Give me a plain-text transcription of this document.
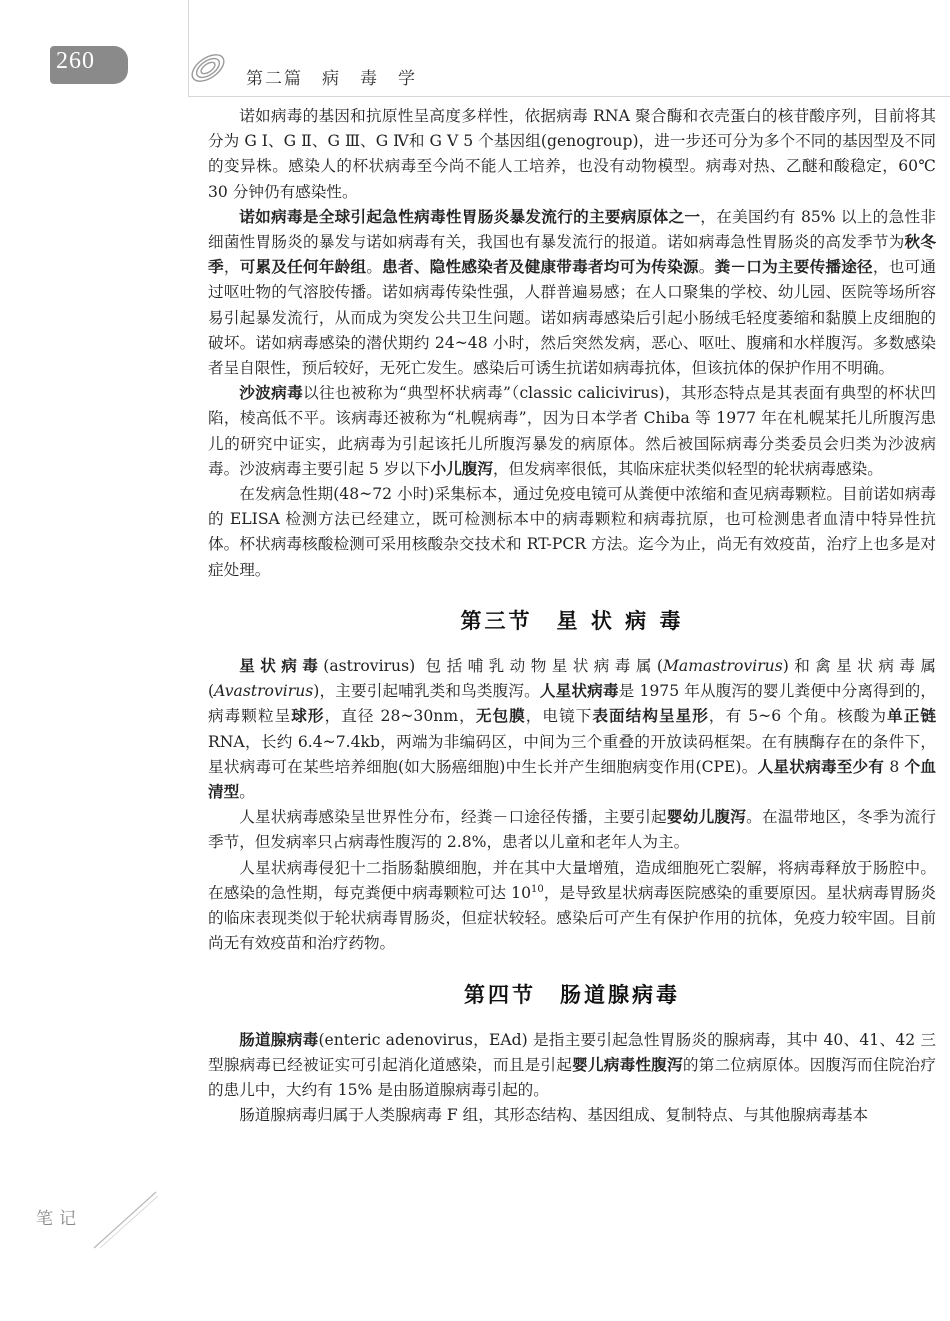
260
第二篇　病　毒　学

诺如病毒的基因和抗原性呈高度多样性，依据病毒 RNA 聚合酶和衣壳蛋白的核苷酸序列，目前将其分为 G Ⅰ、G Ⅱ、G Ⅲ、G Ⅳ和 G Ⅴ 5 个基因组(genogroup)，进一步还可分为多个不同的基因型及不同的变异株。感染人的杯状病毒至今尚不能人工培养，也没有动物模型。病毒对热、乙醚和酸稳定，60℃ 30 分钟仍有感染性。

诺如病毒是全球引起急性病毒性胃肠炎暴发流行的主要病原体之一，在美国约有 85% 以上的急性非细菌性胃肠炎的暴发与诺如病毒有关，我国也有暴发流行的报道。诺如病毒急性胃肠炎的高发季节为秋冬季，可累及任何年龄组。患者、隐性感染者及健康带毒者均可为传染源。粪－口为主要传播途径，也可通过呕吐物的气溶胶传播。诺如病毒传染性强，人群普遍易感；在人口聚集的学校、幼儿园、医院等场所容易引起暴发流行，从而成为突发公共卫生问题。诺如病毒感染后引起小肠绒毛轻度萎缩和黏膜上皮细胞的破坏。诺如病毒感染的潜伏期约 24~48 小时，然后突然发病，恶心、呕吐、腹痛和水样腹泻。多数感染者呈自限性，预后较好，无死亡发生。感染后可诱生抗诺如病毒抗体，但该抗体的保护作用不明确。

沙波病毒以往也被称为“典型杯状病毒”（classic calicivirus)，其形态特点是其表面有典型的杯状凹陷，棱高低不平。该病毒还被称为“札幌病毒”，因为日本学者 Chiba 等 1977 年在札幌某托儿所腹泻患儿的研究中证实，此病毒为引起该托儿所腹泻暴发的病原体。然后被国际病毒分类委员会归类为沙波病毒。沙波病毒主要引起 5 岁以下小儿腹泻，但发病率很低，其临床症状类似轻型的轮状病毒感染。

在发病急性期(48~72 小时)采集标本，通过免疫电镜可从粪便中浓缩和查见病毒颗粒。目前诺如病毒的 ELISA 检测方法已经建立，既可检测标本中的病毒颗粒和病毒抗原，也可检测患者血清中特异性抗体。杯状病毒核酸检测可采用核酸杂交技术和 RT-PCR 方法。迄今为止，尚无有效疫苗，治疗上也多是对症处理。

第三节　星 状 病 毒

星状病毒(astrovirus) 包括哺乳动物星状病毒属(Mamastrovirus)和禽星状病毒属(Avastrovirus)，主要引起哺乳类和鸟类腹泻。人星状病毒是 1975 年从腹泻的婴儿粪便中分离得到的，病毒颗粒呈球形，直径 28~30nm，无包膜，电镜下表面结构呈星形，有 5~6 个角。核酸为单正链 RNA，长约 6.4~7.4kb，两端为非编码区，中间为三个重叠的开放读码框架。在有胰酶存在的条件下，星状病毒可在某些培养细胞(如大肠癌细胞)中生长并产生细胞病变作用(CPE)。人星状病毒至少有 8 个血清型。

人星状病毒感染呈世界性分布，经粪－口途径传播，主要引起婴幼儿腹泻。在温带地区，冬季为流行季节，但发病率只占病毒性腹泻的 2.8%，患者以儿童和老年人为主。

人星状病毒侵犯十二指肠黏膜细胞，并在其中大量增殖，造成细胞死亡裂解，将病毒释放于肠腔中。在感染的急性期，每克粪便中病毒颗粒可达 $10^{10}$，是导致星状病毒医院感染的重要原因。星状病毒胃肠炎的临床表现类似于轮状病毒胃肠炎，但症状较轻。感染后可产生有保护作用的抗体，免疫力较牢固。目前尚无有效疫苗和治疗药物。

第四节　肠道腺病毒

肠道腺病毒(enteric adenovirus，EAd) 是指主要引起急性胃肠炎的腺病毒，其中 40、41、42 三型腺病毒已经被证实可引起消化道感染，而且是引起婴儿病毒性腹泻的第二位病原体。因腹泻而住院治疗的患儿中，大约有 15% 是由肠道腺病毒引起的。

肠道腺病毒归属于人类腺病毒 F 组，其形态结构、基因组成、复制特点、与其他腺病毒基本

笔记
